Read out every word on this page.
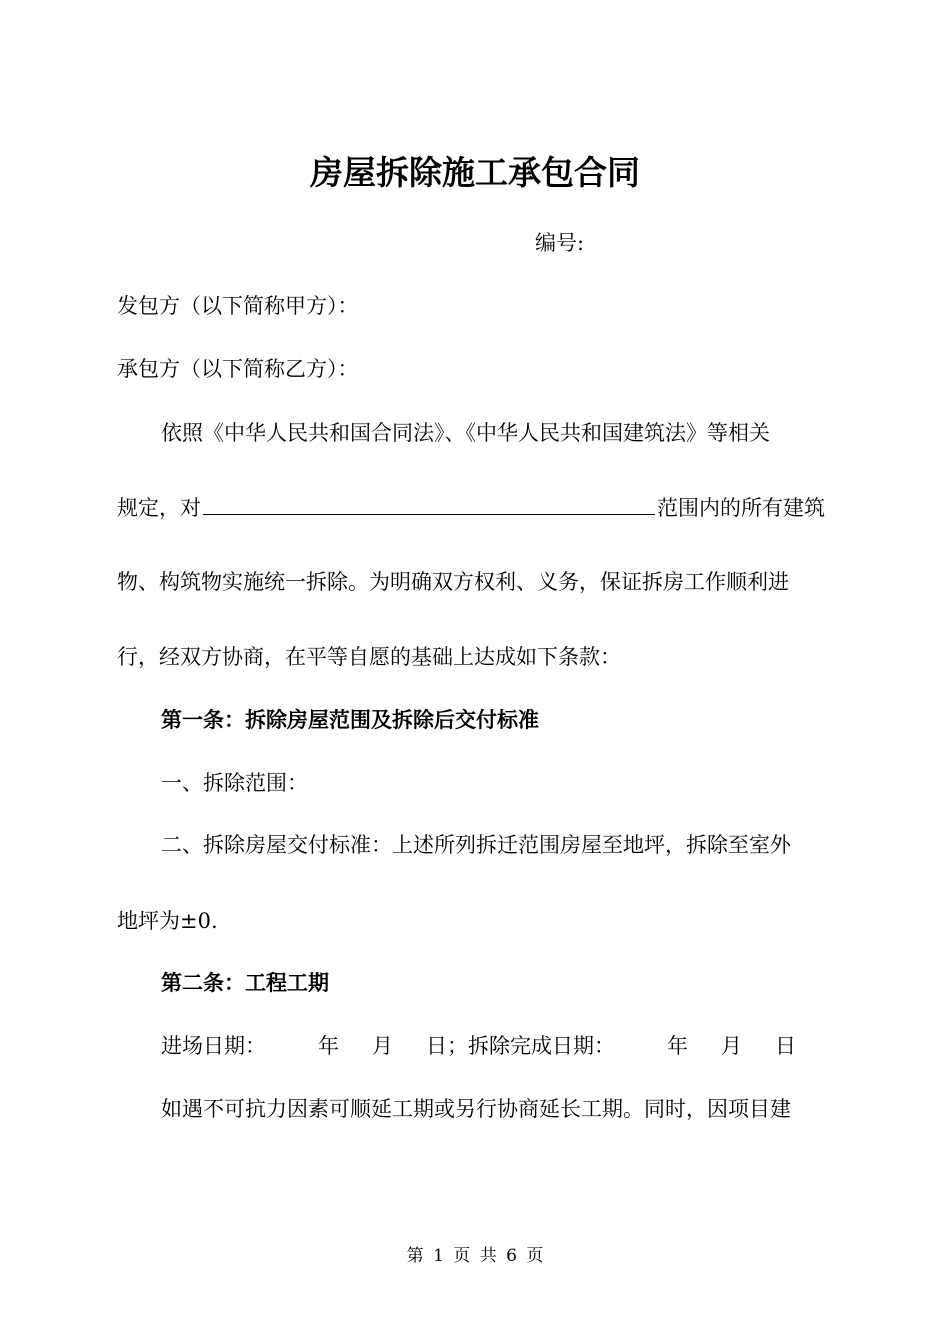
房屋拆除施工承包合同
编号:
发包方（以下简称甲方）：
承包方（以下简称乙方）：
依照《中华人民共和国合同法》、《中华人民共和国建筑法》等相关
规定，对	范围内的所有建筑
物、构筑物实施统一拆除。为明确双方权利、义务，保证拆房工作顺利进
行，经双方协商，在平等自愿的基础上达成如下条款：
第一条：拆除房屋范围及拆除后交付标准
一、拆除范围：
二、拆除房屋交付标准：上述所列拆迁范围房屋至地坪，拆除至室外
地坪为±0.
第二条：工程工期
进场日期： 年 月 日；拆除完成日期： 年 月 日
如遇不可抗力因素可顺延工期或另行协商延长工期。同时，因项目建
第 1 页 共 6 页
